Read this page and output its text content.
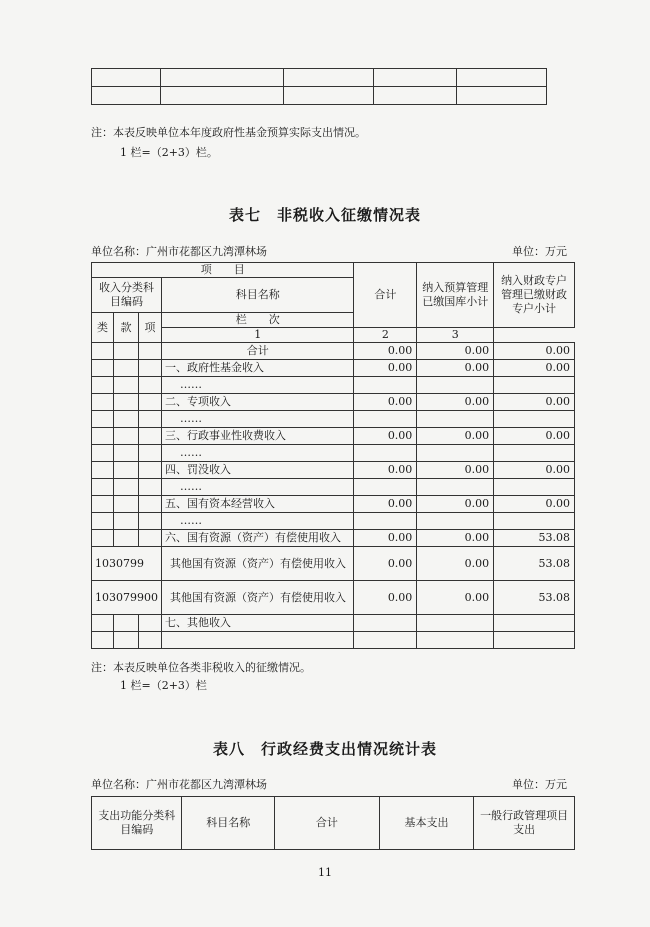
注：本表反映单位本年度政府性基金预算实际支出情况。
1 栏=（2+3）栏。
表七　非税收入征缴情况表
单位名称：广州市花都区九湾潭林场	单位：万元
项　　目				合计	纳入预算管理已缴国库小计	纳入财政专户管理已缴财政专户小计
收入分类科目编码			科目名称			
类	款	项	栏　　次			
			1	2	3	
			合计	0.00	0.00	0.00
			一、政府性基金收入	0.00	0.00	0.00
			……			
			二、专项收入	0.00	0.00	0.00
			……			
			三、行政事业性收费收入	0.00	0.00	0.00
			……			
			四、罚没收入	0.00	0.00	0.00
			……			
			五、国有资本经营收入	0.00	0.00	0.00
			……			
			六、国有资源（资产）有偿使用收入	0.00	0.00	53.08
1030799			其他国有资源（资产）有偿使用收入	0.00	0.00	53.08
103079900			其他国有资源（资产）有偿使用收入	0.00	0.00	53.08
			七、其他收入			

注：本表反映单位各类非税收入的征缴情况。
1 栏=（2+3）栏
表八　行政经费支出情况统计表
单位名称：广州市花都区九湾潭林场	单位：万元
支出功能分类科目编码	科目名称	合计	基本支出	一般行政管理项目支出
11
